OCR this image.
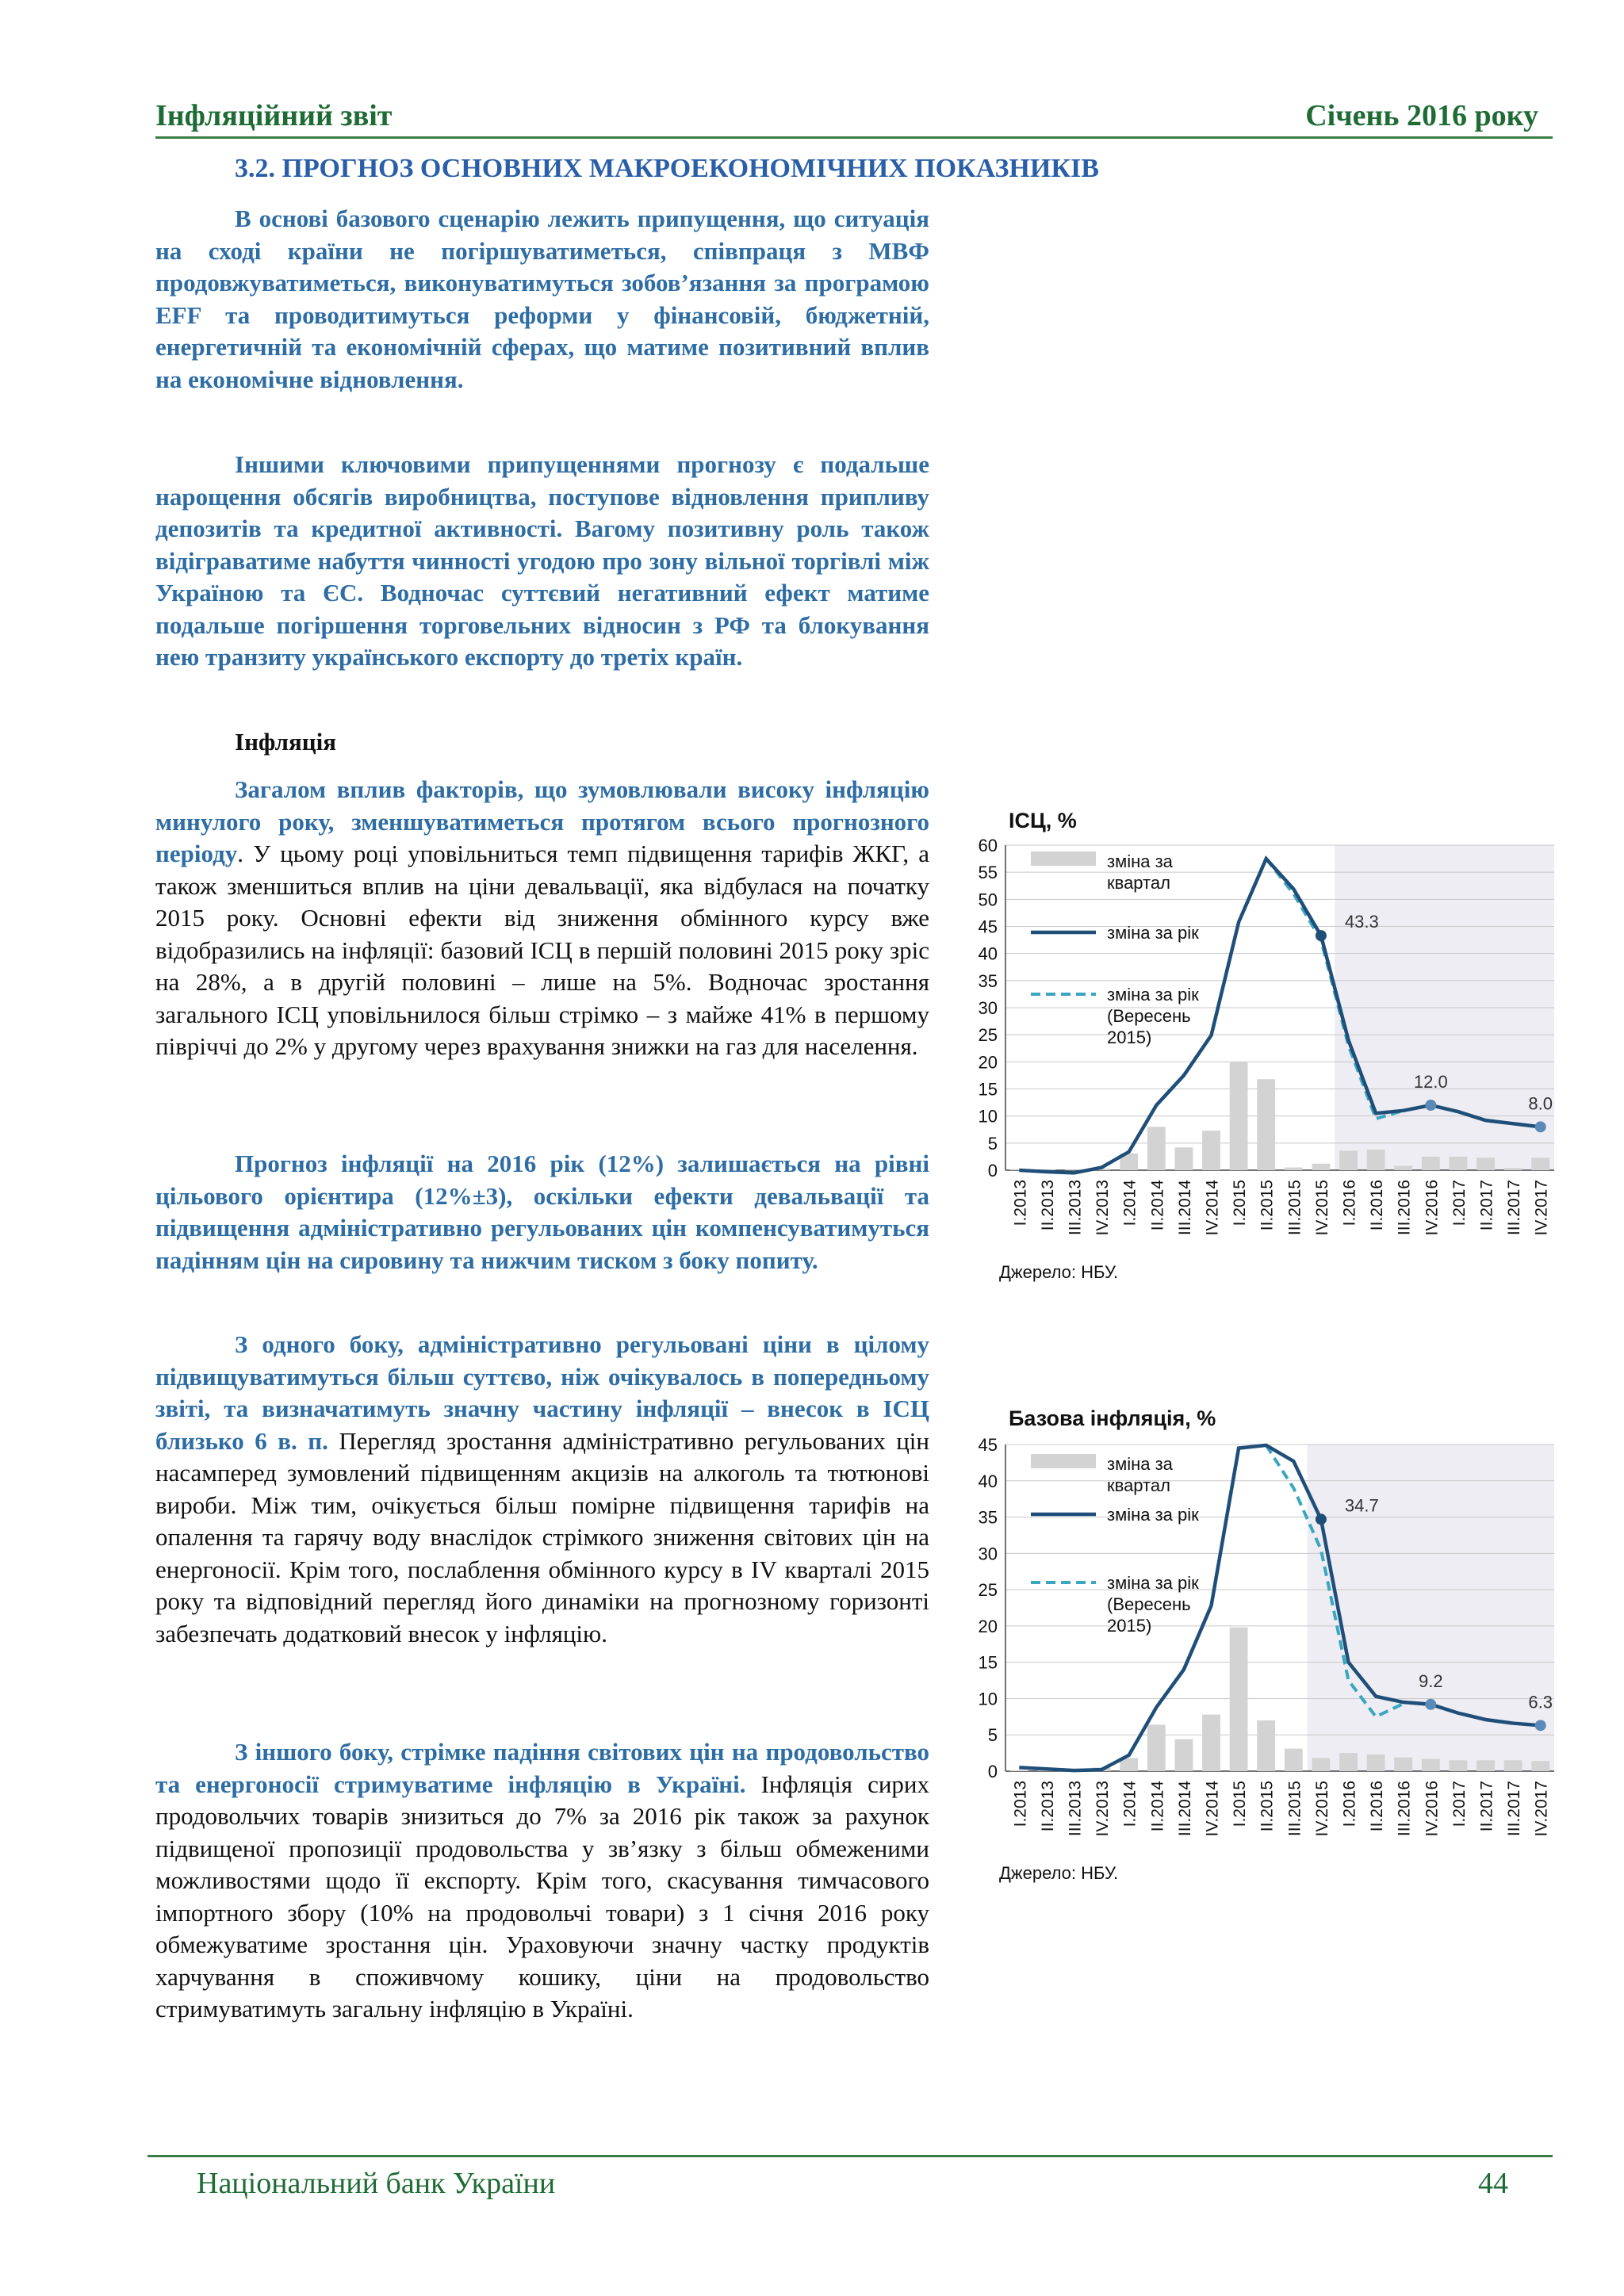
Інфляційний звіт	Січень 2016 року
3.2. ПРОГНОЗ ОСНОВНИХ МАКРОЕКОНОМІЧНИХ ПОКАЗНИКІВ

В основі базового сценарію лежить припущення, що ситуація на сході країни не погіршуватиметься, співпраця з МВФ продовжуватиметься, виконуватимуться зобов’язання за програмою EFF та проводитимуться реформи у фінансовій, бюджетній, енергетичній та економічній сферах, що матиме позитивний вплив на економічне відновлення.

Іншими ключовими припущеннями прогнозу є подальше нарощення обсягів виробництва, поступове відновлення припливу депозитів та кредитної активності. Вагому позитивну роль також відіграватиме набуття чинності угодою про зону вільної торгівлі між Україною та ЄС. Водночас суттєвий негативний ефект матиме подальше погіршення торговельних відносин з РФ та блокування нею транзиту українського експорту до третіх країн.

Інфляція

Загалом вплив факторів, що зумовлювали високу інфляцію минулого року, зменшуватиметься протягом всього прогнозного періоду. У цьому році уповільниться темп підвищення тарифів ЖКГ, а також зменшиться вплив на ціни девальвації, яка відбулася на початку 2015 року. Основні ефекти від зниження обмінного курсу вже відобразились на інфляції: базовий ІСЦ в першій половині 2015 року зріс на 28%, а в другій половині – лише на 5%. Водночас зростання загального ІСЦ уповільнилося більш стрімко – з майже 41% в першому півріччі до 2% у другому через врахування знижки на газ для населення.

Прогноз інфляції на 2016 рік (12%) залишається на рівні цільового орієнтира (12%±3), оскільки ефекти девальвації та підвищення адміністративно регульованих цін компенсуватимуться падінням цін на сировину та нижчим тиском з боку попиту.

З одного боку, адміністративно регульовані ціни в цілому підвищуватимуться більш суттєво, ніж очікувалось в попередньому звіті, та визначатимуть значну частину інфляції – внесок в ІСЦ близько 6 в. п. Перегляд зростання адміністративно регульованих цін насамперед зумовлений підвищенням акцизів на алкоголь та тютюнові вироби. Між тим, очікується більш помірне підвищення тарифів на опалення та гарячу воду внаслідок стрімкого зниження світових цін на енергоносії. Крім того, послаблення обмінного курсу в IV кварталі 2015 року та відповідний перегляд його динаміки на прогнозному горизонті забезпечать додатковий внесок у інфляцію.

З іншого боку, стрімке падіння світових цін на продовольство та енергоносії стримуватиме інфляцію в Україні. Інфляція сирих продовольчих товарів знизиться до 7% за 2016 рік також за рахунок підвищеної пропозиції продовольства у зв’язку з більш обмеженими можливостями щодо її експорту. Крім того, скасування тимчасового імпортного збору (10% на продовольчі товари) з 1 січня 2016 року обмежуватиме зростання цін. Ураховуючи значну частку продуктів харчування в споживчому кошику, ціни на продовольство стримуватимуть загальну інфляцію в Україні.

ІСЦ, %
0
5
10
15
20
25
30
35
40
45
50
55
60
I.2013 II.2013 III.2013 IV.2013 I.2014 II.2014 III.2014 IV.2014 I.2015 II.2015 III.2015 IV.2015 I.2016 II.2016 III.2016 IV.2016 I.2017 II.2017 III.2017 IV.2017
43.3
12.0
8.0
зміна за квартал
зміна за рік
зміна за рік (Вересень 2015)
Джерело: НБУ.
Базова інфляція, %
0
5
10
15
20
25
30
35
40
45
I.2013 II.2013 III.2013 IV.2013 I.2014 II.2014 III.2014 IV.2014 I.2015 II.2015 III.2015 IV.2015 I.2016 II.2016 III.2016 IV.2016 I.2017 II.2017 III.2017 IV.2017
34.7
9.2
6.3
зміна за квартал
зміна за рік
зміна за рік (Вересень 2015)
Джерело: НБУ.
Національний банк України	44
